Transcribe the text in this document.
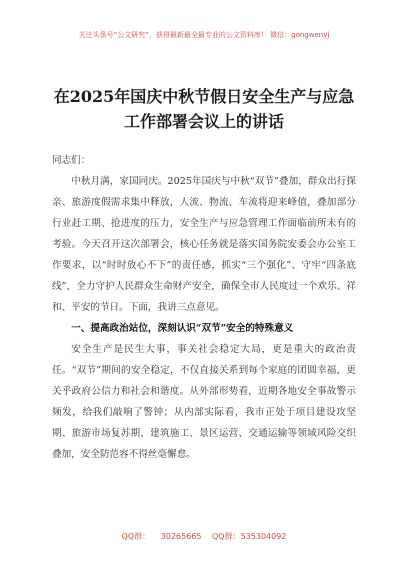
关注头条号“公文研究”，获得最新最全最专业的公文资料库！ 微信：gongwenyj
在2025年国庆中秋节假日安全生产与应急工作部署会议上的讲话

同志们：

中秋月满，家国同庆。2025年国庆与中秋“双节”叠加，群众出行探亲、旅游度假需求集中释放，人流、物流、车流将迎来峰值，叠加部分行业赶工期、抢进度的压力，安全生产与应急管理工作面临前所未有的考验。今天召开这次部署会，核心任务就是落实国务院安委会办公室工作要求，以“时时放心不下”的责任感，抓实“三个强化”、守牢“四条底线”，全力守护人民群众生命财产安全，确保全市人民度过一个欢乐、祥和、平安的节日。下面，我讲三点意见。

一、提高政治站位，深刻认识“双节”安全的特殊意义

安全生产是民生大事，事关社会稳定大局，更是重大的政治责任。“双节”期间的安全稳定，不仅直接关系到每个家庭的团圆幸福，更关乎政府公信力和社会和谐度。从外部形势看，近期各地安全事故警示频发，给我们敲响了警钟；从内部实际看，我市正处于项目建设攻坚期、旅游市场复苏期，建筑施工、景区运营、交通运输等领域风险交织叠加，安全防范容不得丝毫懈怠。

QQ群： 30265665 QQ群：535304092
